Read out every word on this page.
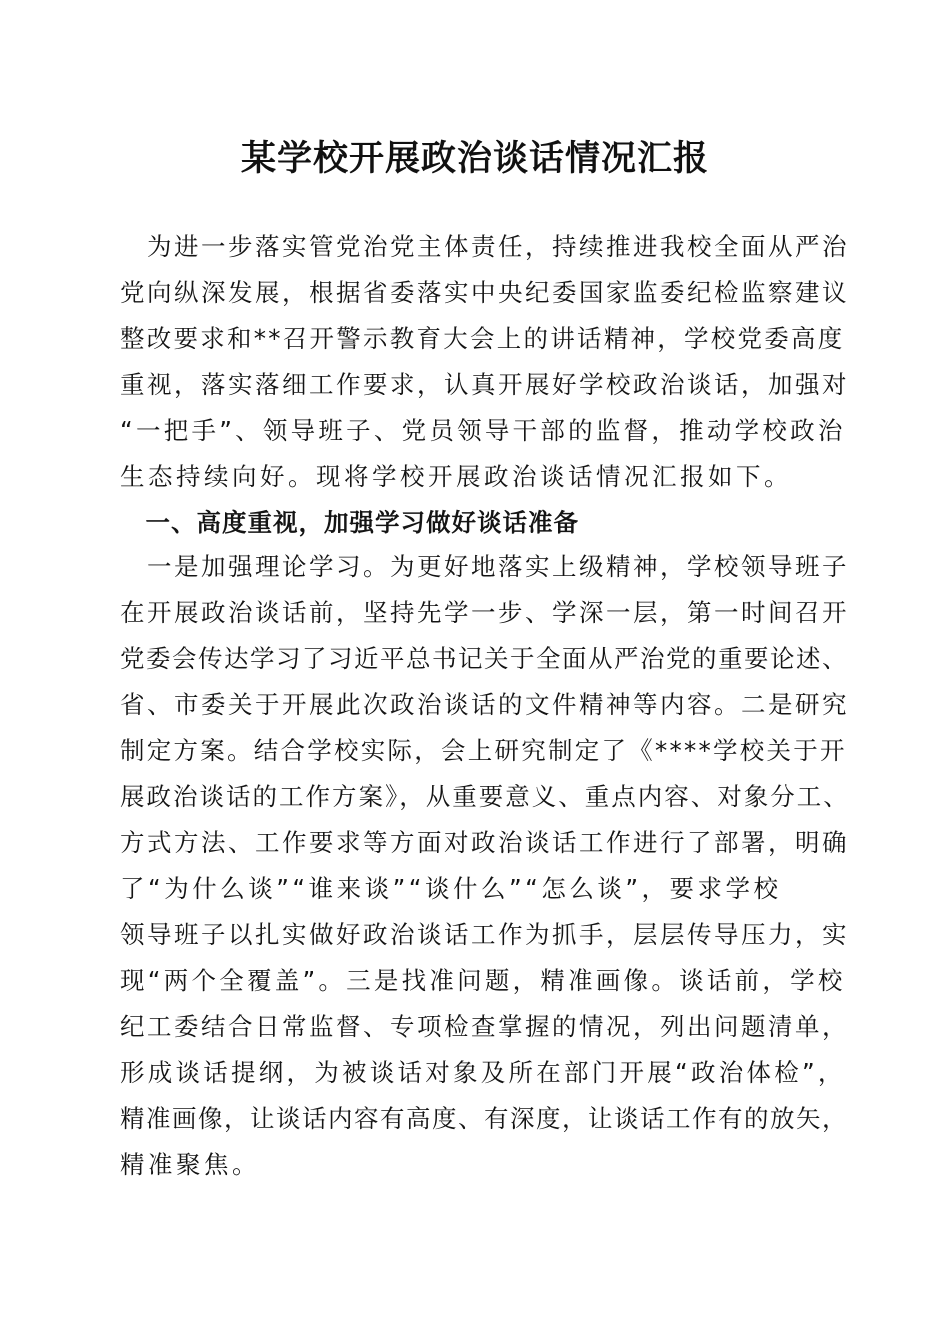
某学校开展政治谈话情况汇报
　为进一步落实管党治党主体责任，持续推进我校全面从严治
党向纵深发展，根据省委落实中央纪委国家监委纪检监察建议
整改要求和**召开警示教育大会上的讲话精神，学校党委高度
重视，落实落细工作要求，认真开展好学校政治谈话，加强对
“一把手”、领导班子、党员领导干部的监督，推动学校政治
生态持续向好。现将学校开展政治谈话情况汇报如下。
　一、高度重视，加强学习做好谈话准备
　一是加强理论学习。为更好地落实上级精神，学校领导班子
在开展政治谈话前，坚持先学一步、学深一层，第一时间召开
党委会传达学习了习近平总书记关于全面从严治党的重要论述、
省、市委关于开展此次政治谈话的文件精神等内容。二是研究
制定方案。结合学校实际，会上研究制定了《****学校关于开
展政治谈话的工作方案》，从重要意义、重点内容、对象分工、
方式方法、工作要求等方面对政治谈话工作进行了部署，明确
了“为什么谈”“谁来谈”“谈什么”“怎么谈”，要求学校
领导班子以扎实做好政治谈话工作为抓手，层层传导压力，实
现“两个全覆盖”。三是找准问题，精准画像。谈话前，学校
纪工委结合日常监督、专项检查掌握的情况，列出问题清单，
形成谈话提纲，为被谈话对象及所在部门开展“政治体检”，
精准画像，让谈话内容有高度、有深度，让谈话工作有的放矢，
精准聚焦。
